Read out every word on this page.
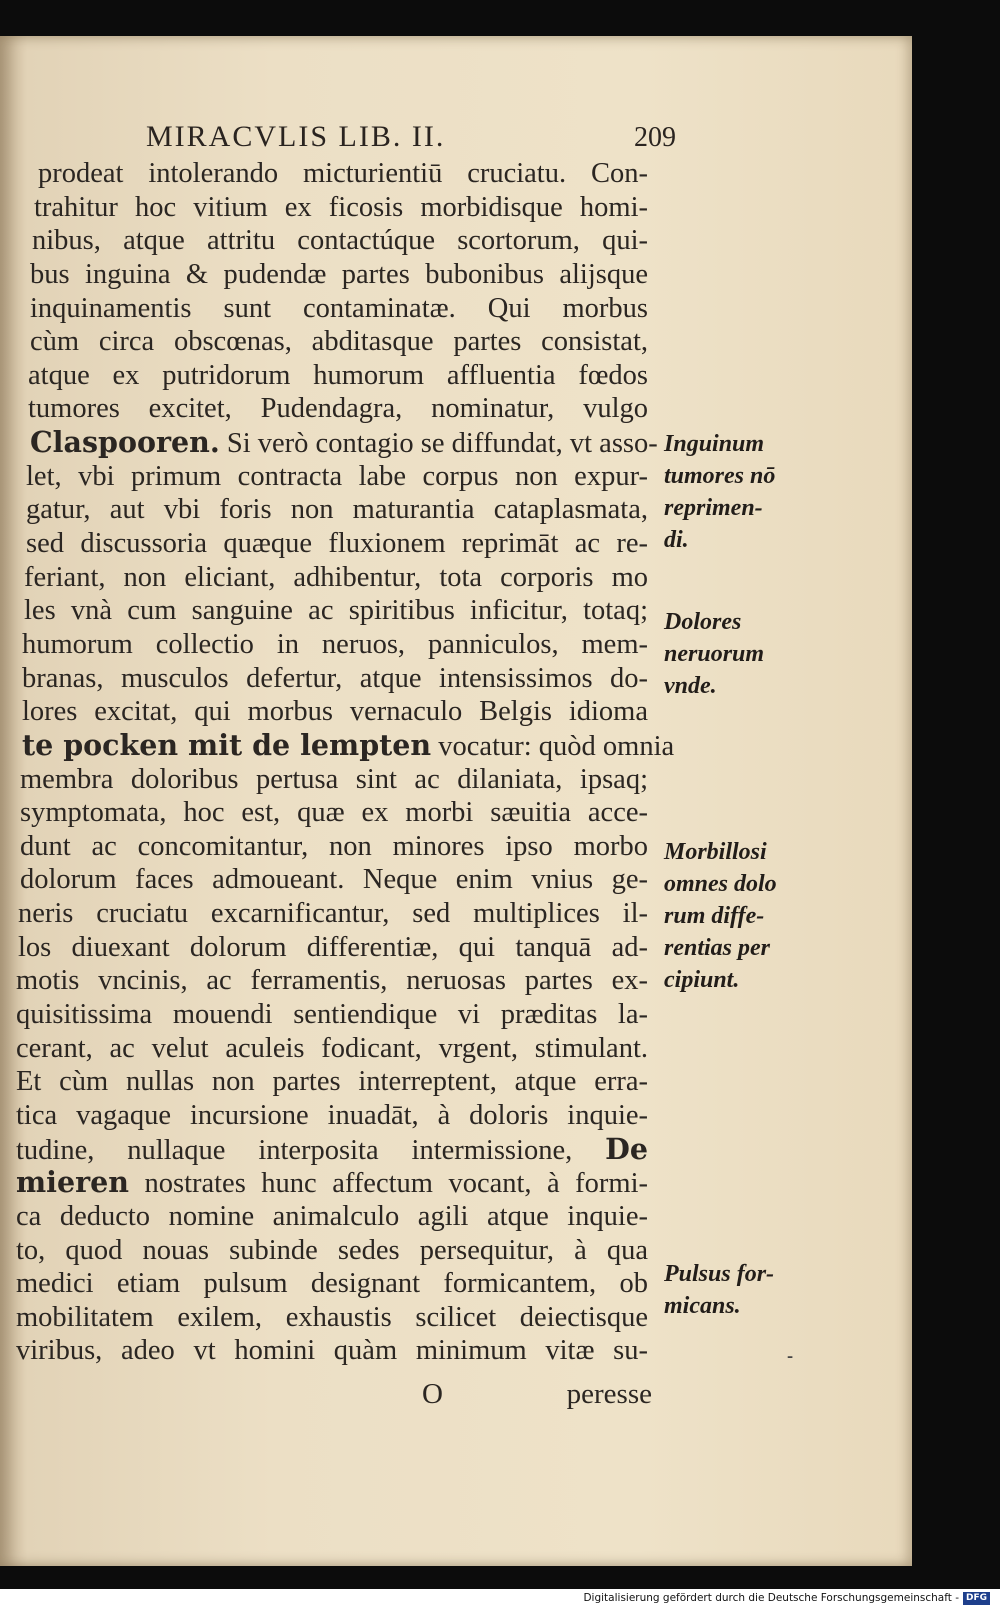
MIRACVLIS LIB. II.	209
prodeat intolerando micturientiū cruciatu. Con-
trahitur hoc vitium ex ficosis morbidisque homi-
nibus, atque attritu contactúque scortorum, qui-
bus inguina & pudendæ partes bubonibus alijsque
inquinamentis sunt contaminatæ. Qui morbus
cùm circa obscœnas, abditasque partes consistat,
atque ex putridorum humorum affluentia fœdos
tumores excitet, Pudendagra, nominatur, vulgo
Claspooren. Si verò contagio se diffundat, vt asso-
let, vbi primum contracta labe corpus non expur-
gatur, aut vbi foris non maturantia cataplasmata,
sed discussoria quæque fluxionem reprimāt ac re-
feriant, non eliciant, adhibentur, tota corporis mo
les vnà cum sanguine ac spiritibus inficitur, totaq;
humorum collectio in neruos, panniculos, mem-
branas, musculos defertur, atque intensissimos do-
lores excitat, qui morbus vernaculo Belgis idioma
te pocken mit de lempten vocatur: quòd omnia
membra doloribus pertusa sint ac dilaniata, ipsaq;
symptomata, hoc est, quæ ex morbi sæuitia acce-
dunt ac concomitantur, non minores ipso morbo
dolorum faces admoueant. Neque enim vnius ge-
neris cruciatu excarnificantur, sed multiplices il-
los diuexant dolorum differentiæ, qui tanquā ad-
motis vncinis, ac ferramentis, neruosas partes ex-
quisitissima mouendi sentiendique vi præditas la-
cerant, ac velut aculeis fodicant, vrgent, stimulant.
Et cùm nullas non partes interreptent, atque erra-
tica vagaque incursione inuadāt, à doloris inquie-
tudine, nullaque interposita intermissione, De
mieren nostrates hunc affectum vocant, à formi-
ca deducto nomine animalculo agili atque inquie-
to, quod nouas subinde sedes persequitur, à qua
medici etiam pulsum designant formicantem, ob
mobilitatem exilem, exhaustis scilicet deiectisque
viribus, adeo vt homini quàm minimum vitæ su-
Inguinum
tumores nō
reprimen-
di.
Dolores
neruorum
vnde.
Morbillosi
omnes dolo
rum diffe-
rentias per
cipiunt.
Pulsus for-
micans.
⁃
O	peresse
Digitalisierung gefördert durch die Deutsche Forschungsgemeinschaft - DFG
